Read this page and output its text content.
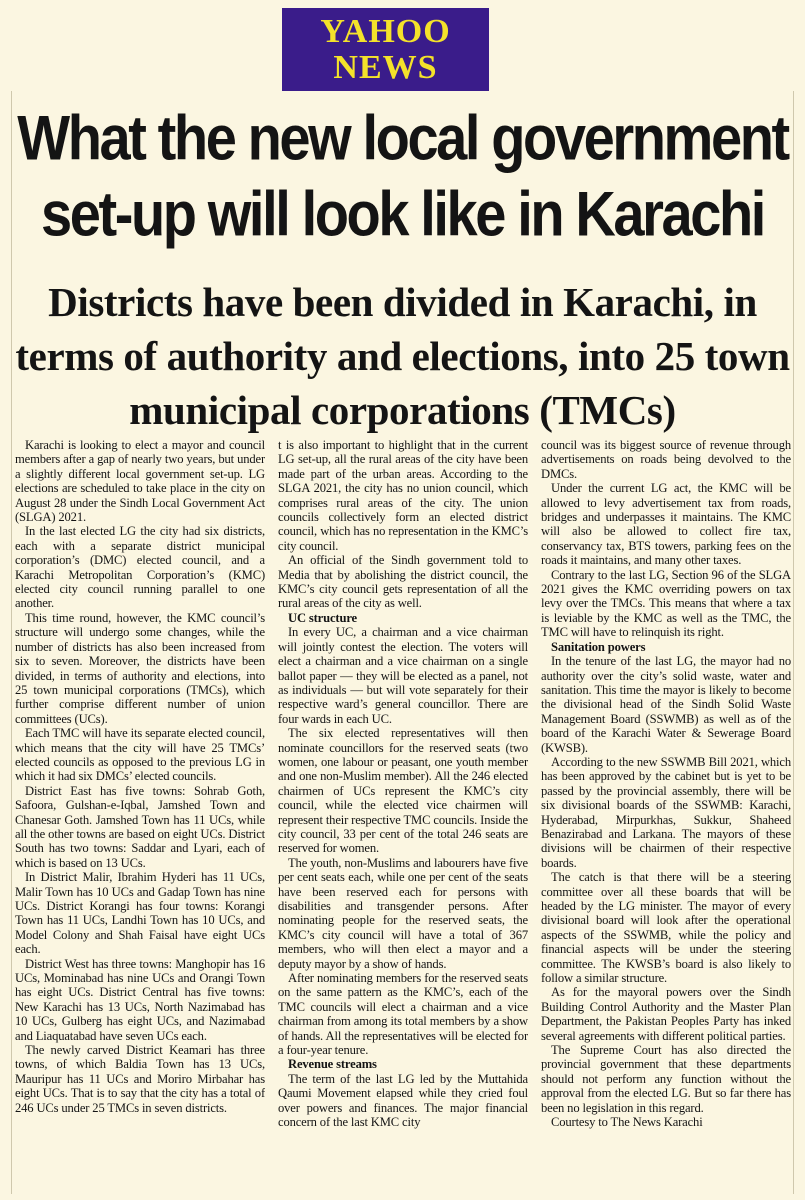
YAHOO
NEWS
What the new local government set-up will look like in Karachi
Districts have been divided in Karachi, in terms of authority and elections, into 25 town municipal corporations (TMCs)

Karachi is looking to elect a mayor and council members after a gap of nearly two years, but under a slightly different local government set-up. LG elections are scheduled to take place in the city on August 28 under the Sindh Local Government Act (SLGA) 2021.

In the last elected LG the city had six districts, each with a separate district municipal corporation’s (DMC) elected council, and a Karachi Metropolitan Corporation’s (KMC) elected city council running parallel to one another.

This time round, however, the KMC council’s structure will undergo some changes, while the number of districts has also been increased from six to seven. Moreover, the districts have been divided, in terms of authority and elections, into 25 town municipal corporations (TMCs), which further comprise different number of union committees (UCs).

Each TMC will have its separate elected council, which means that the city will have 25 TMCs’ elected councils as opposed to the previous LG in which it had six DMCs’ elected councils.

District East has five towns: Sohrab Goth, Safoora, Gulshan-e-Iqbal, Jamshed Town and Chanesar Goth. Jamshed Town has 11 UCs, while all the other towns are based on eight UCs. District South has two towns: Saddar and Lyari, each of which is based on 13 UCs.

In District Malir, Ibrahim Hyderi has 11 UCs, Malir Town has 10 UCs and Gadap Town has nine UCs. District Korangi has four towns: Korangi Town has 11 UCs, Landhi Town has 10 UCs, and Model Colony and Shah Faisal have eight UCs each.

District West has three towns: Manghopir has 16 UCs, Mominabad has nine UCs and Orangi Town has eight UCs. District Central has five towns: New Karachi has 13 UCs, North Nazimabad has 10 UCs, Gulberg has eight UCs, and Nazimabad and Liaquatabad have seven UCs each.

The newly carved District Keamari has three towns, of which Baldia Town has 13 UCs, Mauripur has 11 UCs and Moriro Mirbahar has eight UCs. That is to say that the city has a total of 246 UCs under 25 TMCs in seven districts.

t is also important to highlight that in the current LG set-up, all the rural areas of the city have been made part of the urban areas. According to the SLGA 2021, the city has no union council, which comprises rural areas of the city. The union councils collectively form an elected district council, which has no representation in the KMC’s city council.

An official of the Sindh government told to Media that by abolishing the district council, the KMC’s city council gets representation of all the rural areas of the city as well.

UC structure

In every UC, a chairman and a vice chairman will jointly contest the election. The voters will elect a chairman and a vice chairman on a single ballot paper — they will be elected as a panel, not as individuals — but will vote separately for their respective ward’s general councillor. There are four wards in each UC.

The six elected representatives will then nominate councillors for the reserved seats (two women, one labour or peasant, one youth member and one non-Muslim member). All the 246 elected chairmen of UCs represent the KMC’s city council, while the elected vice chairmen will represent their respective TMC councils. Inside the city council, 33 per cent of the total 246 seats are reserved for women.

The youth, non-Muslims and labourers have five per cent seats each, while one per cent of the seats have been reserved each for persons with disabilities and transgender persons. After nominating people for the reserved seats, the KMC’s city council will have a total of 367 members, who will then elect a mayor and a deputy mayor by a show of hands.

After nominating members for the reserved seats on the same pattern as the KMC’s, each of the TMC councils will elect a chairman and a vice chairman from among its total members by a show of hands. All the representatives will be elected for a four-year tenure.

Revenue streams

The term of the last LG led by the Muttahida Qaumi Movement elapsed while they cried foul over powers and finances. The major financial concern of the last KMC city

council was its biggest source of revenue through advertisements on roads being devolved to the DMCs.

Under the current LG act, the KMC will be allowed to levy advertisement tax from roads, bridges and underpasses it maintains. The KMC will also be allowed to collect fire tax, conservancy tax, BTS towers, parking fees on the roads it maintains, and many other taxes.

Contrary to the last LG, Section 96 of the SLGA 2021 gives the KMC overriding powers on tax levy over the TMCs. This means that where a tax is leviable by the KMC as well as the TMC, the TMC will have to relinquish its right.

Sanitation powers

In the tenure of the last LG, the mayor had no authority over the city’s solid waste, water and sanitation. This time the mayor is likely to become the divisional head of the Sindh Solid Waste Management Board (SSWMB) as well as of the board of the Karachi Water & Sewerage Board (KWSB).

According to the new SSWMB Bill 2021, which has been approved by the cabinet but is yet to be passed by the provincial assembly, there will be six divisional boards of the SSWMB: Karachi, Hyderabad, Mirpurkhas, Sukkur, Shaheed Benazirabad and Larkana. The mayors of these divisions will be chairmen of their respective boards.

The catch is that there will be a steering committee over all these boards that will be headed by the LG minister. The mayor of every divisional board will look after the operational aspects of the SSWMB, while the policy and financial aspects will be under the steering committee. The KWSB’s board is also likely to follow a similar structure.

As for the mayoral powers over the Sindh Building Control Authority and the Master Plan Department, the Pakistan Peoples Party has inked several agreements with different political parties.

The Supreme Court has also directed the provincial government that these departments should not perform any function without the approval from the elected LG. But so far there has been no legislation in this regard.

Courtesy to The News Karachi
